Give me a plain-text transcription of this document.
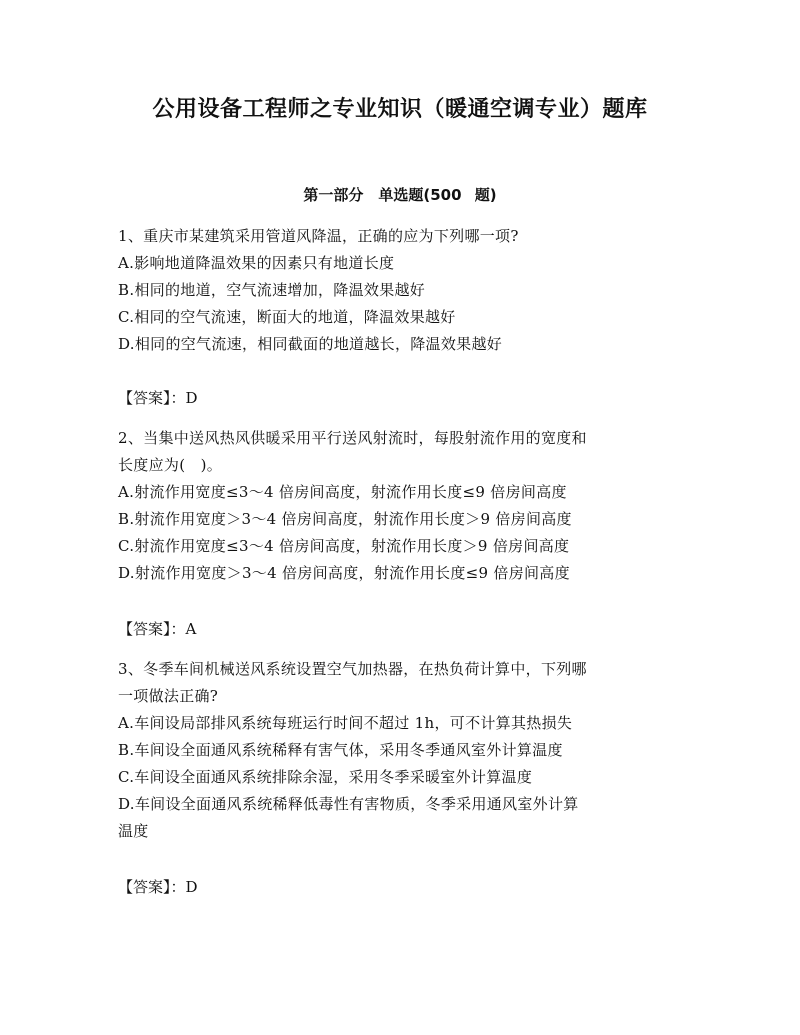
公用设备工程师之专业知识（暖通空调专业）题库
第一部分　单选题(500 题)
1、重庆市某建筑采用管道风降温，正确的应为下列哪一项?
A.影响地道降温效果的因素只有地道长度
B.相同的地道，空气流速增加，降温效果越好
C.相同的空气流速，断面大的地道，降温效果越好
D.相同的空气流速，相同截面的地道越长，降温效果越好
【答案】：D
2、当集中送风热风供暖采用平行送风射流时，每股射流作用的宽度和
长度应为(　)。
A.射流作用宽度≤3～4 倍房间高度，射流作用长度≤9 倍房间高度
B.射流作用宽度＞3～4 倍房间高度，射流作用长度＞9 倍房间高度
C.射流作用宽度≤3～4 倍房间高度，射流作用长度＞9 倍房间高度
D.射流作用宽度＞3～4 倍房间高度，射流作用长度≤9 倍房间高度
【答案】：A
3、冬季车间机械送风系统设置空气加热器，在热负荷计算中，下列哪
一项做法正确?
A.车间设局部排风系统每班运行时间不超过 1h，可不计算其热损失
B.车间设全面通风系统稀释有害气体，采用冬季通风室外计算温度
C.车间设全面通风系统排除余湿，采用冬季采暖室外计算温度
D.车间设全面通风系统稀释低毒性有害物质，冬季采用通风室外计算
温度
【答案】：D
